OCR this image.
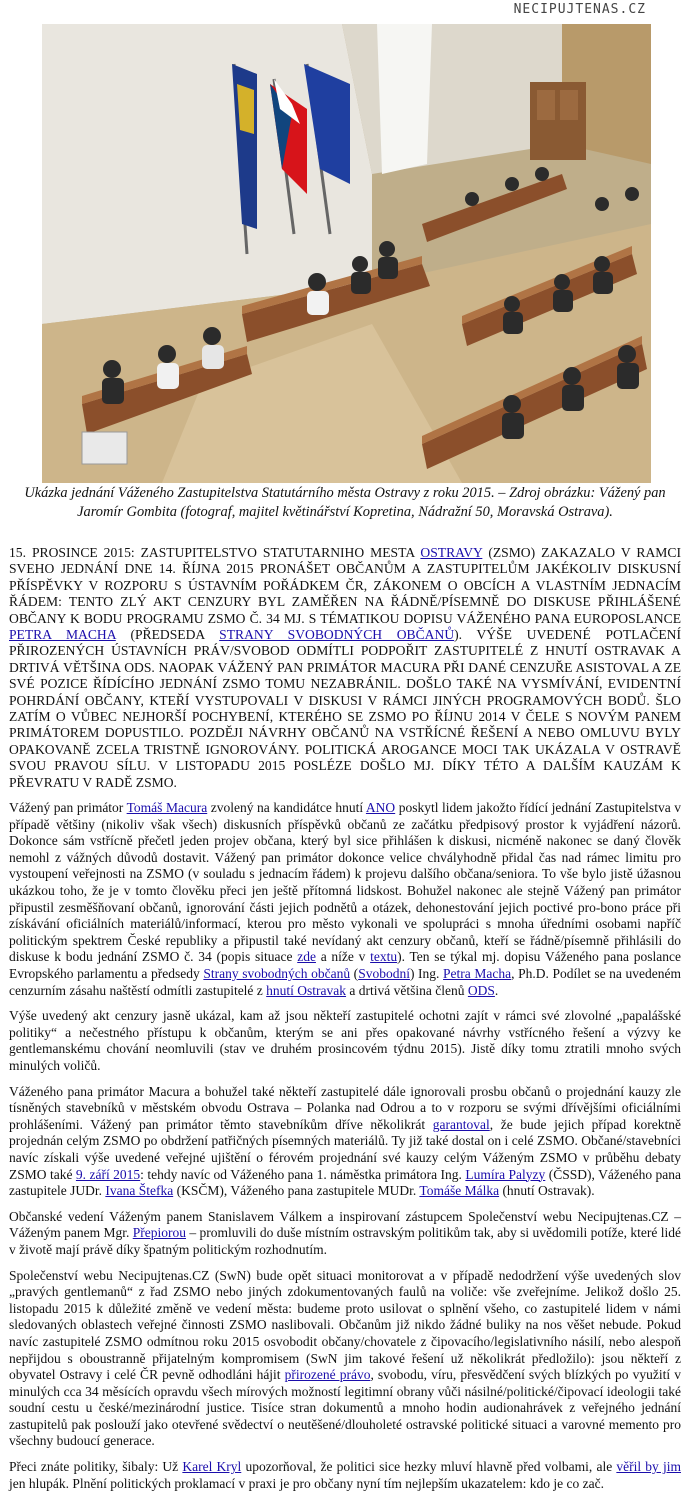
NECIPUJTENAS.CZ
Ukázka jednání Váženého Zastupitelstva Statutárního města Ostravy z roku 2015. – Zdroj obrázku: Vážený pan Jaromír Gombita (fotograf, majitel květinářství Kopretina, Nádražní 50, Moravská Ostrava).

15. PROSINCE 2015: ZASTUPITELSTVO STATUTARNIHO MESTA OSTRAVY (ZSMO) ZAKAZALO V RAMCI SVEHO JEDNÁNÍ DNE 14. ŘÍJNA 2015 PRONÁŠET OBČANŮM A ZASTUPITELŮM JAKÉKOLIV DISKUSNÍ PŘÍSPĚVKY V ROZPORU S ÚSTAVNÍM POŘÁDKEM ČR, ZÁKONEM O OBCÍCH A VLASTNÍM JEDNACÍM ŘÁDEM: TENTO ZLÝ AKT CENZURY BYL ZAMĚŘEN NA ŘÁDNĚ/PÍSEMNĚ DO DISKUSE PŘIHLÁŠENÉ OBČANY K BODU PROGRAMU ZSMO Č. 34 MJ. S TÉMATIKOU DOPISU VÁŽENÉHO PANA EUROPOSLANCE PETRA MACHA (PŘEDSEDA STRANY SVOBODNÝCH OBČANŮ). VÝŠE UVEDENÉ POTLAČENÍ PŘIROZENÝCH ÚSTAVNÍCH PRÁV/SVOBOD ODMÍTLI PODPOŘIT ZASTUPITELÉ Z HNUTÍ OSTRAVAK A DRTIVÁ VĚTŠINA ODS. NAOPAK VÁŽENÝ PAN PRIMÁTOR MACURA PŘI DANÉ CENZUŘE ASISTOVAL A ZE SVÉ POZICE ŘÍDÍCÍHO JEDNÁNÍ ZSMO TOMU NEZABRÁNIL. DOŠLO TAKÉ NA VYSMÍVÁNÍ, EVIDENTNÍ POHRDÁNÍ OBČANY, KTEŘÍ VYSTUPOVALI V DISKUSI V RÁMCI JINÝCH PROGRAMOVÝCH BODŮ. ŠLO ZATÍM O VŮBEC NEJHORŠÍ POCHYBENÍ, KTERÉHO SE ZSMO PO ŘÍJNU 2014 V ČELE S NOVÝM PANEM PRIMÁTOREM DOPUSTILO. POZDĚJI NÁVRHY OBČANŮ NA VSTŘÍCNÉ ŘEŠENÍ A NEBO OMLUVU BYLY OPAKOVANĚ ZCELA TRISTNĚ IGNOROVÁNY. POLITICKÁ AROGANCE MOCI TAK UKÁZALA V OSTRAVĚ SVOU PRAVOU SÍLU. V LISTOPADU 2015 POSLÉZE DOŠLO MJ. DÍKY TÉTO A DALŠÍM KAUZÁM K PŘEVRATU V RADĚ ZSMO.

Vážený pan primátor Tomáš Macura zvolený na kandidátce hnutí ANO poskytl lidem jakožto řídící jednání Zastupitelstva v případě většiny (nikoliv však všech) diskusních příspěvků občanů ze začátku předpisový prostor k vyjádření názorů. Dokonce sám vstřícně přečetl jeden projev občana, který byl sice přihlášen k diskusi, nicméně nakonec se daný člověk nemohl z vážných důvodů dostavit. Vážený pan primátor dokonce velice chvályhodně přidal čas nad rámec limitu pro vystoupení veřejnosti na ZSMO (v souladu s jednacím řádem) k projevu dalšího občana/seniora. To vše bylo jistě úžasnou ukázkou toho, že je v tomto člověku přeci jen ještě přítomná lidskost. Bohužel nakonec ale stejně Vážený pan primátor připustil zesměšňovaní občanů, ignorování části jejich podnětů a otázek, dehonestování jejich poctivé pro-bono práce při získávání oficiálních materiálů/informací, kterou pro město vykonali ve spolupráci s mnoha úředními osobami napříč politickým spektrem České republiky a připustil také nevídaný akt cenzury občanů, kteří se řádně/písemně přihlásili do diskuse k bodu jednání ZSMO č. 34 (popis situace zde a níže v textu). Ten se týkal mj. dopisu Váženého pana poslance Evropského parlamentu a předsedy Strany svobodných občanů (Svobodní) Ing. Petra Macha, Ph.D. Podílet se na uvedeném cenzurním zásahu naštěstí odmítli zastupitelé z hnutí Ostravak a drtivá většina členů ODS.

Výše uvedený akt cenzury jasně ukázal, kam až jsou někteří zastupitelé ochotni zajít v rámci své zlovolné „papalášské politiky“ a nečestného přístupu k občanům, kterým se ani přes opakované návrhy vstřícného řešení a výzvy ke gentlemanskému chování neomluvili (stav ve druhém prosincovém týdnu 2015). Jistě díky tomu ztratili mnoho svých minulých voličů.

Váženého pana primátor Macura a bohužel také někteří zastupitelé dále ignorovali prosbu občanů o projednání kauzy zle tísněných stavebníků v městském obvodu Ostrava – Polanka nad Odrou a to v rozporu se svými dřívějšími oficiálními prohlášeními. Vážený pan primátor těmto stavebníkům dříve několikrát garantoval, že bude jejich případ korektně projednán celým ZSMO po obdržení patřičných písemných materiálů. Ty již také dostal on i celé ZSMO. Občané/stavebníci navíc získali výše uvedené veřejné ujištění o férovém projednání své kauzy celým Váženým ZSMO v průběhu debaty ZSMO také 9. září 2015: tehdy navíc od Váženého pana 1. náměstka primátora Ing. Lumíra Palyzy (ČSSD), Váženého pana zastupitele JUDr. Ivana Štefka (KSČM), Váženého pana zastupitele MUDr. Tomáše Málka (hnutí Ostravak).

Občanské vedení Váženým panem Stanislavem Válkem a inspirovaní zástupcem Společenství webu Necipujtenas.CZ – Váženým panem Mgr. Přepiorou – promluvili do duše místním ostravským politikům tak, aby si uvědomili potíže, které lidé v životě mají právě díky špatným politickým rozhodnutím.

Společenství webu Necipujtenas.CZ (SwN) bude opět situaci monitorovat a v případě nedodržení výše uvedených slov „pravých gentlemanů“ z řad ZSMO nebo jiných zdokumentovaných faulů na voliče: vše zveřejníme. Jelikož došlo 25. listopadu 2015 k důležité změně ve vedení města: budeme proto usilovat o splnění všeho, co zastupitelé lidem v námi sledovaných oblastech veřejné činnosti ZSMO naslibovali. Občanům již nikdo žádné buliky na nos věšet nebude. Pokud navíc zastupitelé ZSMO odmítnou roku 2015 osvobodit občany/chovatele z čipovacího/legislativního násilí, nebo alespoň nepřijdou s oboustranně přijatelným kompromisem (SwN jim takové řešení už několikrát předložilo): jsou někteří z obyvatel Ostravy i celé ČR pevně odhodláni hájit přirozené právo, svobodu, víru, přesvědčení svých blízkých po využití v minulých cca 34 měsících opravdu všech mírových možností legitimní obrany vůči násilné/politické/čipovací ideologii také soudní cestu u české/mezinárodní justice. Tisíce stran dokumentů a mnoho hodin audionahrávek z veřejného jednání zastupitelů pak poslouží jako otevřené svědectví o neutěšené/dlouholeté ostravské politické situaci a varovné memento pro všechny budoucí generace.

Přeci znáte politiky, šibaly: Už Karel Kryl upozorňoval, že politici sice hezky mluví hlavně před volbami, ale věřil by jim jen hlupák. Plnění politických proklamací v praxi je pro občany nyní tím nejlepším ukazatelem: kdo je co zač.
